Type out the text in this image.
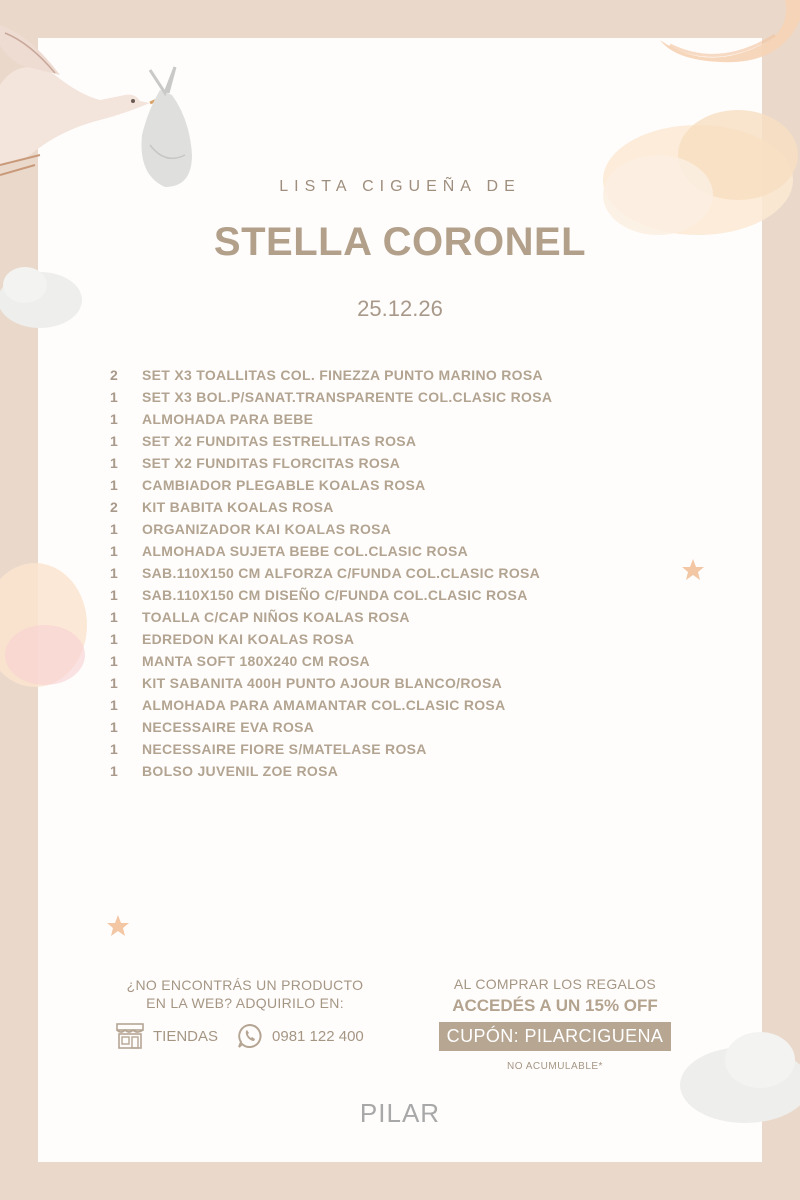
LISTA CIGUEÑA DE
STELLA CORONEL
25.12.26
2	SET X3 TOALLITAS COL. FINEZZA PUNTO MARINO ROSA
1	SET X3 BOL.P/SANAT.TRANSPARENTE COL.CLASIC ROSA
1	ALMOHADA PARA BEBE
1	SET X2 FUNDITAS ESTRELLITAS ROSA
1	SET X2 FUNDITAS FLORCITAS ROSA
1	CAMBIADOR PLEGABLE KOALAS ROSA
2	KIT BABITA KOALAS ROSA
1	ORGANIZADOR KAI KOALAS ROSA
1	ALMOHADA SUJETA BEBE COL.CLASIC ROSA
1	SAB.110X150 CM ALFORZA C/FUNDA COL.CLASIC ROSA
1	SAB.110X150 CM DISEÑO C/FUNDA COL.CLASIC ROSA
1	TOALLA C/CAP NIÑOS KOALAS ROSA
1	EDREDON KAI KOALAS ROSA
1	MANTA SOFT 180X240 CM ROSA
1	KIT SABANITA 400H PUNTO AJOUR BLANCO/ROSA
1	ALMOHADA PARA AMAMANTAR COL.CLASIC ROSA
1	NECESSAIRE EVA ROSA
1	NECESSAIRE FIORE S/MATELASE ROSA
1	BOLSO JUVENIL ZOE ROSA
¿NO ENCONTRÁS UN PRODUCTO
EN LA WEB? ADQUIRILO EN:
TIENDAS	0981 122 400
AL COMPRAR LOS REGALOS
ACCEDÉS A UN 15% OFF
CUPÓN: PILARCIGUENA
NO ACUMULABLE*
PILAR
